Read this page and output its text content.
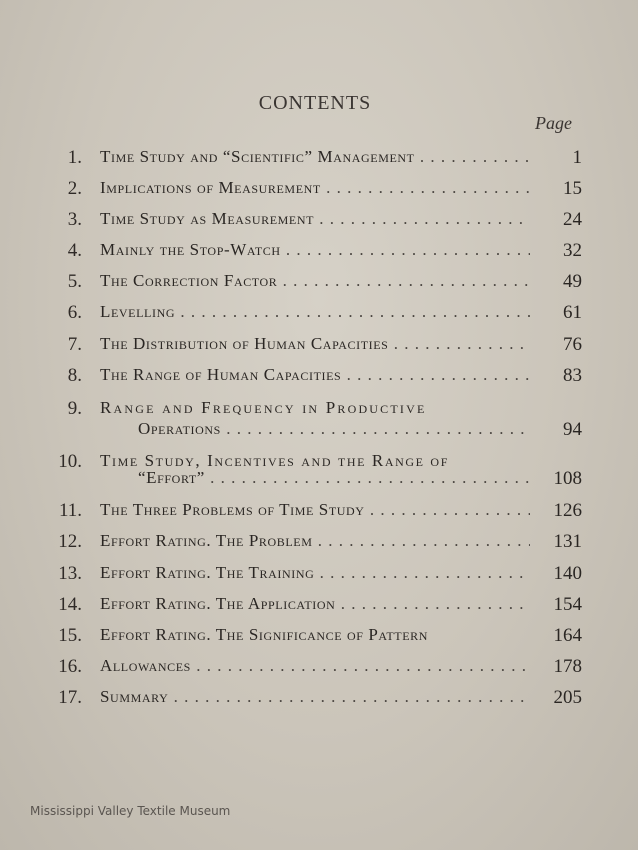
CONTENTS
Page
1. Time Study and “Scientific” Management . . .	1
2. Implications of Measurement . . .	15
3. Time Study as Measurement . . .	24
4. Mainly the Stop-Watch . . .	32
5. The Correction Factor . . .	49
6. Levelling . . .	61
7. The Distribution of Human Capacities . . .	76
8. The Range of Human Capacities . . .	83
9. Range and Frequency in Productive
Operations . . .	94
10. Time Study, Incentives and the Range of
“Effort” . . .	108
11. The Three Problems of Time Study . . .	126
12. Effort Rating. The Problem . . .	131
13. Effort Rating. The Training . . .	140
14. Effort Rating. The Application . . .	154
15. Effort Rating. The Significance of Pattern	164
16. Allowances . . .	178
17. Summary . . .	205
Mississippi Valley Textile Museum
